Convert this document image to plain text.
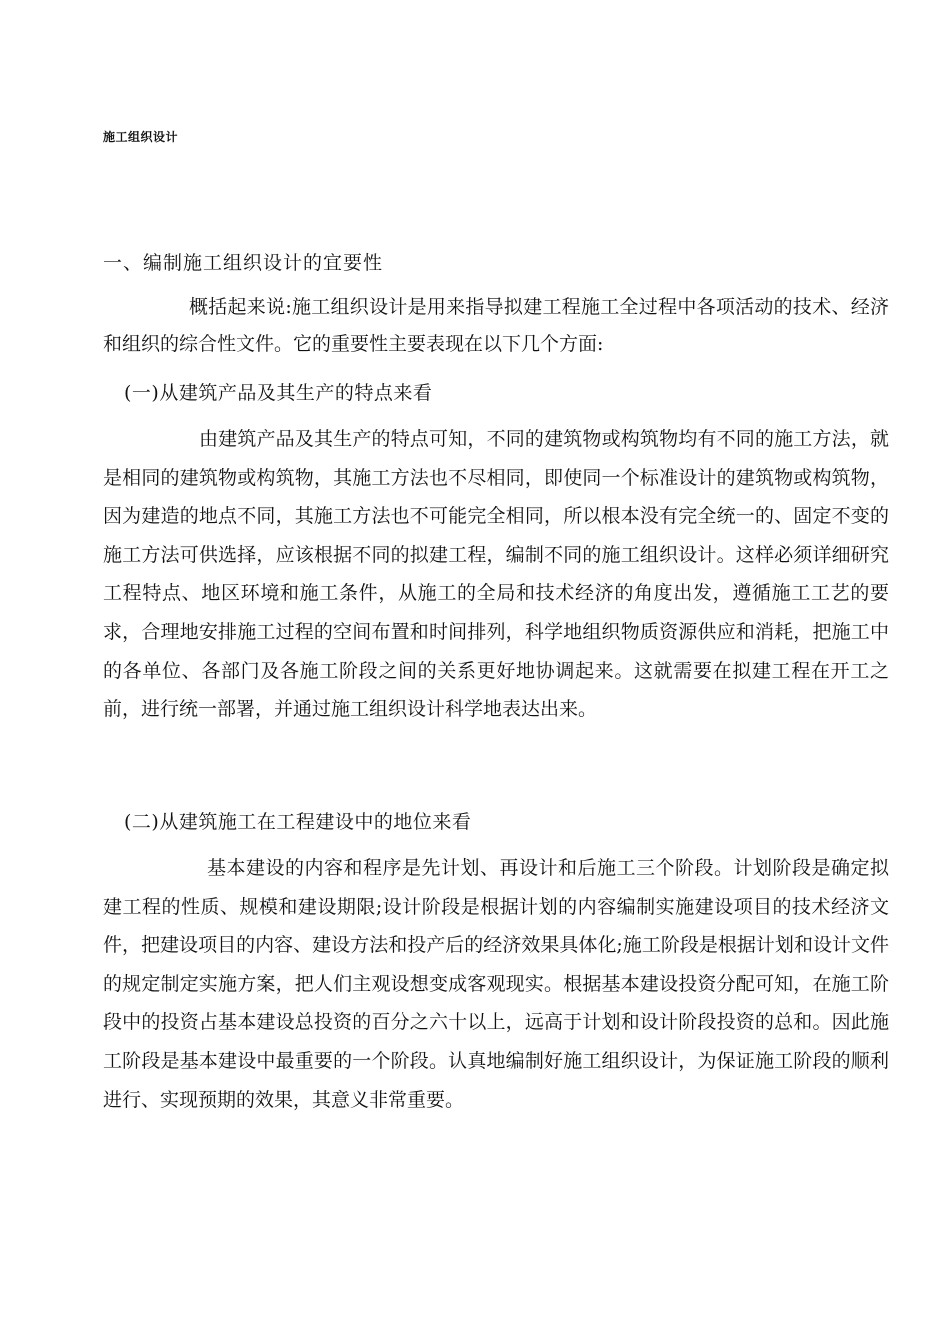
施工组织设计
一、编制施工组织设计的宜要性

概括起来说:施工组织设计是用来指导拟建工程施工全过程中各项活动的技术、经济和组织的综合性文件。它的重要性主要表现在以下几个方面:

(一)从建筑产品及其生产的特点来看

由建筑产品及其生产的特点可知，不同的建筑物或构筑物均有不同的施工方法，就是相同的建筑物或构筑物，其施工方法也不尽相同，即使同一个标准设计的建筑物或构筑物，因为建造的地点不同，其施工方法也不可能完全相同，所以根本没有完全统一的、固定不变的施工方法可供选择，应该根据不同的拟建工程，编制不同的施工组织设计。这样必须详细研究工程特点、地区环境和施工条件，从施工的全局和技术经济的角度出发，遵循施工工艺的要求，合理地安排施工过程的空间布置和时间排列，科学地组织物质资源供应和消耗，把施工中的各单位、各部门及各施工阶段之间的关系更好地协调起来。这就需要在拟建工程在开工之前，进行统一部署，并通过施工组织设计科学地表达出来。

(二)从建筑施工在工程建设中的地位来看

基本建设的内容和程序是先计划、再设计和后施工三个阶段。计划阶段是确定拟建工程的性质、规模和建设期限;设计阶段是根据计划的内容编制实施建设项目的技术经济文件，把建设项目的内容、建设方法和投产后的经济效果具体化;施工阶段是根据计划和设计文件的规定制定实施方案，把人们主观设想变成客观现实。根据基本建设投资分配可知，在施工阶段中的投资占基本建设总投资的百分之六十以上，远高于计划和设计阶段投资的总和。因此施工阶段是基本建设中最重要的一个阶段。认真地编制好施工组织设计，为保证施工阶段的顺利进行、实现预期的效果，其意义非常重要。
